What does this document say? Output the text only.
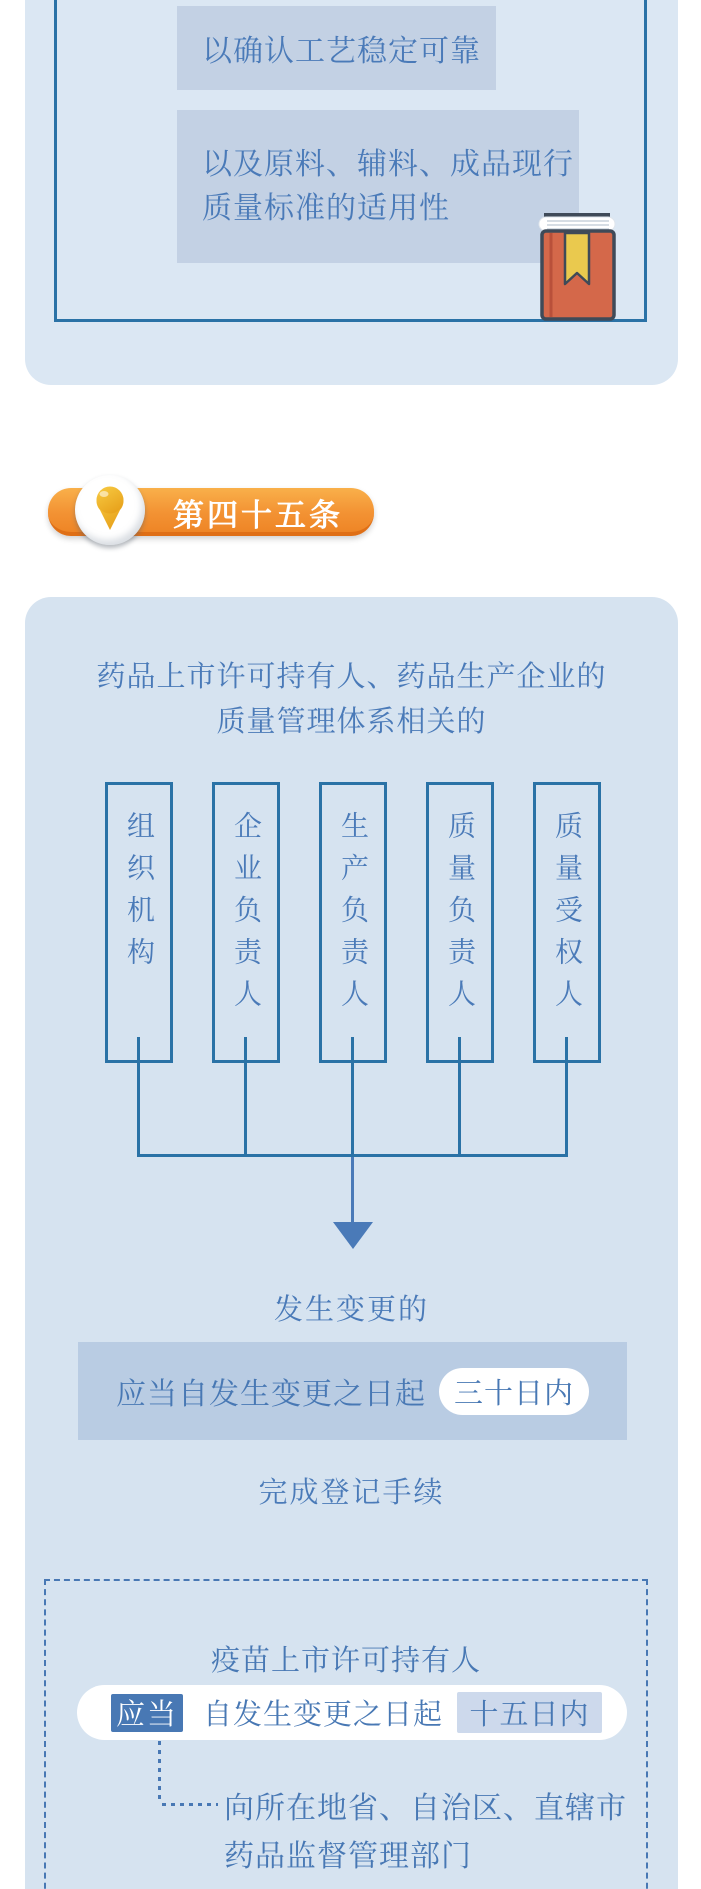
以确认工艺稳定可靠
以及原料、辅料、成品现行
质量标准的适用性
第四十五条
药品上市许可持有人、药品生产企业的
质量管理体系相关的
组织机构	企业负责人	生产负责人	质量负责人	质量受权人
发生变更的
应当自发生变更之日起 三十日内
完成登记手续
疫苗上市许可持有人
应当 自发生变更之日起 十五日内
向所在地省、自治区、直辖市
药品监督管理部门
